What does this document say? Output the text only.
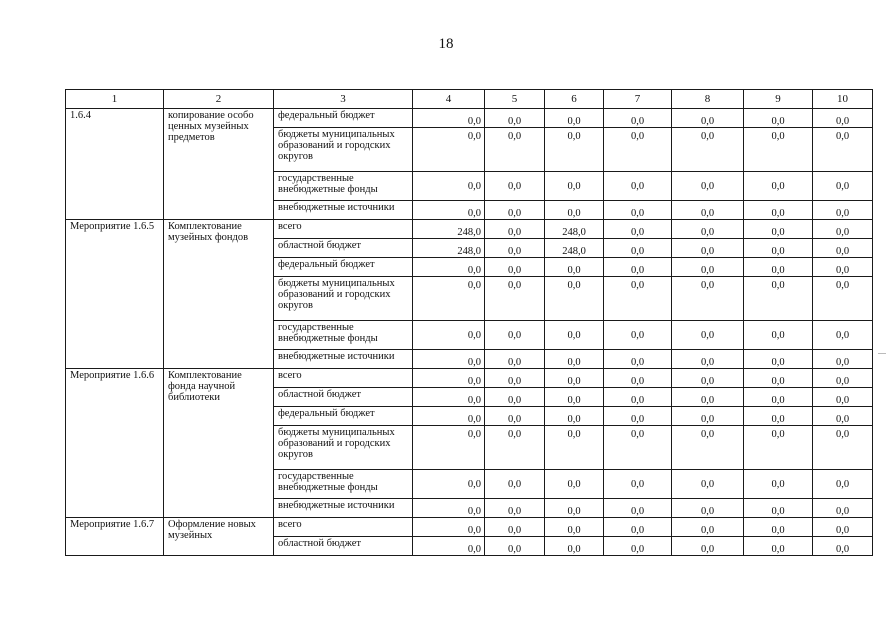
18
1	2	3	4	5	6	7	8	9	10
1.6.4	копирование особо ценных музейных предметов	федеральный бюджет	0,0	0,0	0,0	0,0	0,0	0,0	0,0
		бюджеты муниципальных образований и городских округов	0,0	0,0	0,0	0,0	0,0	0,0	0,0
		государственные внебюджетные фонды	0,0	0,0	0,0	0,0	0,0	0,0	0,0
		внебюджетные источники	0,0	0,0	0,0	0,0	0,0	0,0	0,0
Мероприятие 1.6.5	Комплектование музейных фондов	всего	248,0	0,0	248,0	0,0	0,0	0,0	0,0
		областной бюджет	248,0	0,0	248,0	0,0	0,0	0,0	0,0
		федеральный бюджет	0,0	0,0	0,0	0,0	0,0	0,0	0,0
		бюджеты муниципальных образований и городских округов	0,0	0,0	0,0	0,0	0,0	0,0	0,0
		государственные внебюджетные фонды	0,0	0,0	0,0	0,0	0,0	0,0	0,0
		внебюджетные источники	0,0	0,0	0,0	0,0	0,0	0,0	0,0
Мероприятие 1.6.6	Комплектование фонда научной библиотеки	всего	0,0	0,0	0,0	0,0	0,0	0,0	0,0
		областной бюджет	0,0	0,0	0,0	0,0	0,0	0,0	0,0
		федеральный бюджет	0,0	0,0	0,0	0,0	0,0	0,0	0,0
		бюджеты муниципальных образований и городских округов	0,0	0,0	0,0	0,0	0,0	0,0	0,0
		государственные внебюджетные фонды	0,0	0,0	0,0	0,0	0,0	0,0	0,0
		внебюджетные источники	0,0	0,0	0,0	0,0	0,0	0,0	0,0
Мероприятие 1.6.7	Оформление новых музейных	всего	0,0	0,0	0,0	0,0	0,0	0,0	0,0
		областной бюджет	0,0	0,0	0,0	0,0	0,0	0,0	0,0
